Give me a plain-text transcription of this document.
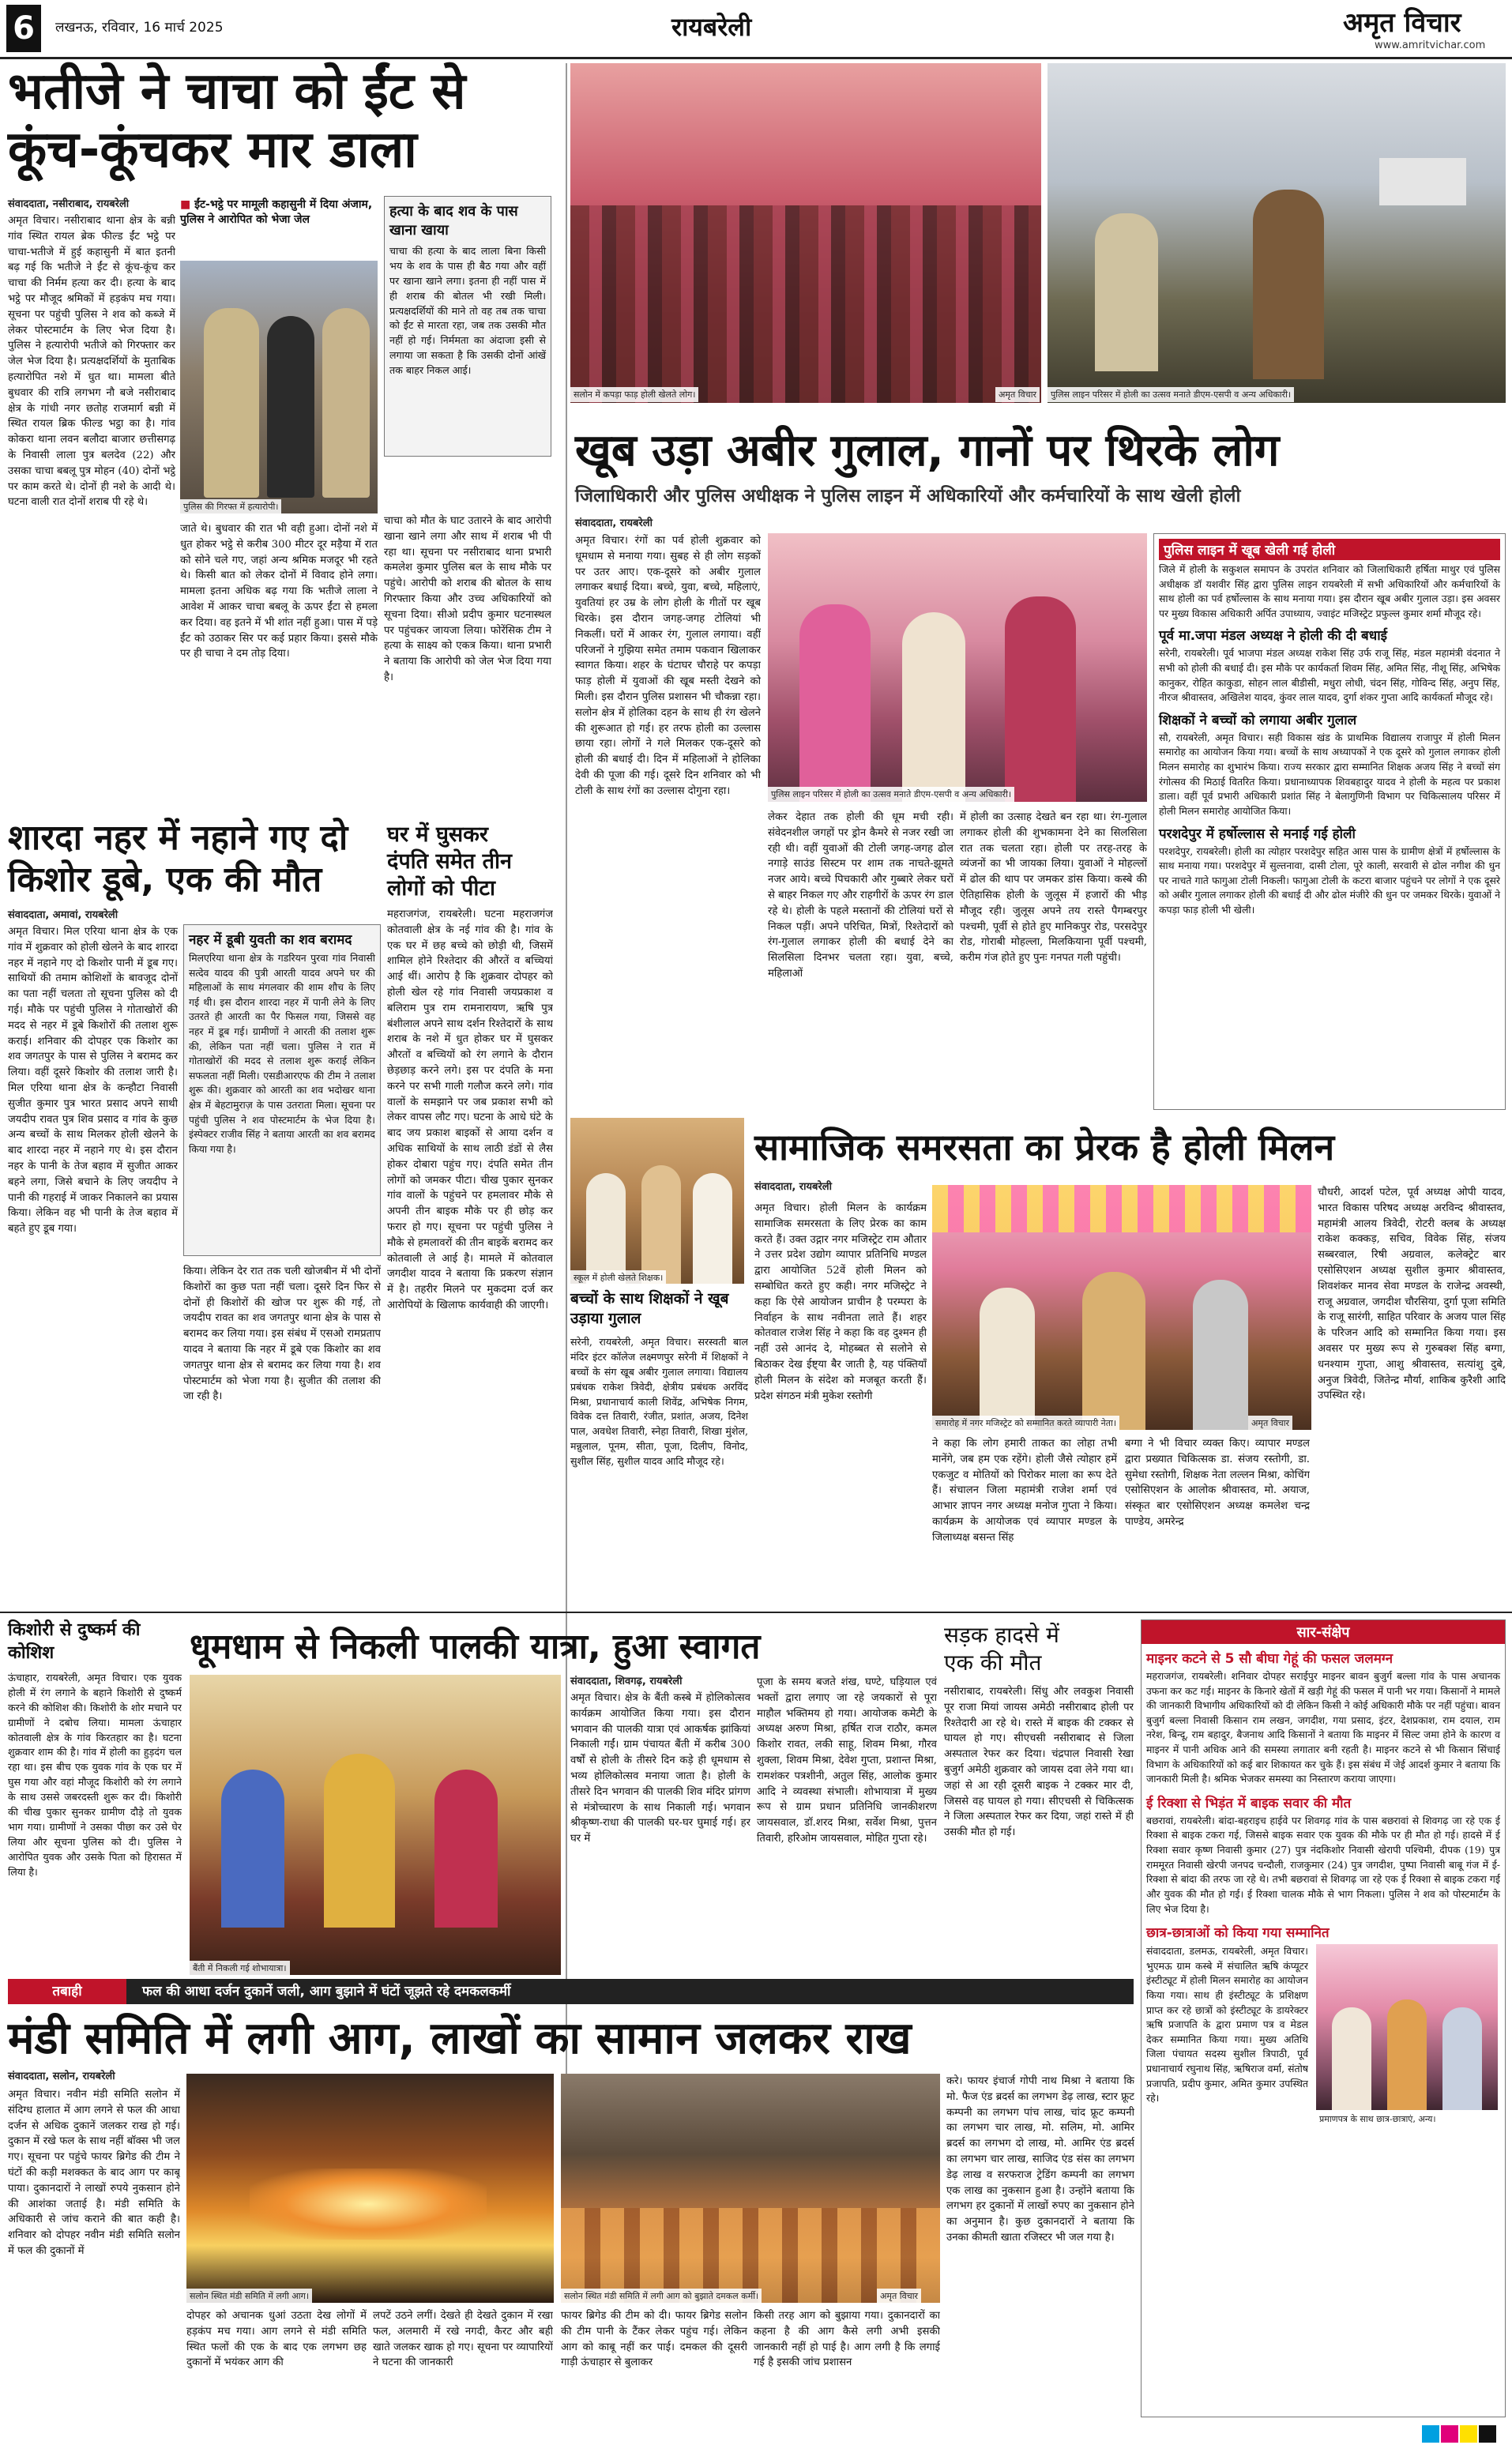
6	लखनऊ, रविवार, 16 मार्च 2025	रायबरेली	अमृत विचार
www.amritvichar.com
भतीजे ने चाचा को ईंट से
कूंच-कूंचकर मार डाला
संवाददाता, नसीराबाद, रायबरेली
अमृत विचार। नसीराबाद थाना क्षेत्र के बन्नी गांव स्थित रायल ब्रेक फील्ड ईंट भट्ठे पर चाचा-भतीजे में हुई कहासुनी में बात इतनी बढ़ गई कि भतीजे ने ईंट से कूंच-कूंच कर चाचा की निर्मम हत्या कर दी। हत्या के बाद भट्ठे पर मौजूद श्रमिकों में हड़कंप मच गया। सूचना पर पहुंची पुलिस ने शव को कब्जे में लेकर पोस्टमार्टम के लिए भेज दिया है। पुलिस ने हत्यारोपी भतीजे को गिरफ्तार कर जेल भेज दिया है। प्रत्यक्षदर्शियों के मुताबिक हत्यारोपित नशे में धुत था। मामला बीते बुधवार की रात्रि लगभग नौ बजे नसीराबाद क्षेत्र के गांधी नगर छतोह राजमार्ग बन्नी में स्थित रायल ब्रिक फील्ड भट्ठा का है। गांव कोकरा थाना लवन बलौदा बाजार छत्तीसगढ़ के निवासी लाला पुत्र बलदेव (22) और उसका चाचा बबलू पुत्र मोहन (40) दोनों भट्ठे पर काम करते थे। दोनों ही नशे के आदी थे। घटना वाली रात दोनों शराब पी रहे थे।	पुलिस की गिरफ्त में हत्यारोपी।
■ ईंट-भट्ठे पर मामूली कहासुनी में दिया अंजाम, पुलिस ने आरोपित को भेजा जेल	हत्या के बाद शव के पास खाना खाया
चाचा की हत्या के बाद लाला बिना किसी भय के शव के पास ही बैठ गया और वहीं पर खाना खाने लगा। इतना ही नहीं पास में ही शराब की बोतल भी रखी मिली। प्रत्यक्षदर्शियों की माने तो वह तब तक चाचा को ईंट से मारता रहा, जब तक उसकी मौत नहीं हो गई। निर्ममता का अंदाजा इसी से लगाया जा सकता है कि उसकी दोनों आंखें तक बाहर निकल आई।
जाते थे। बुधवार की रात भी वही हुआ। दोनों नशे में धुत होकर भट्ठे से करीब 300 मीटर दूर मड़ैया में रात को सोने चले गए, जहां अन्य श्रमिक मजदूर भी रहते थे। किसी बात को लेकर दोनों में विवाद होने लगा। मामला इतना अधिक बढ़ गया कि भतीजे लाला ने आवेश में आकर चाचा बबलू के ऊपर ईंटा से हमला कर दिया। वह इतने में भी शांत नहीं हुआ। पास में पड़े ईंट को उठाकर सिर पर कई प्रहार किया। इससे मौके पर ही चाचा ने दम तोड़ दिया।
चाचा को मौत के घाट उतारने के बाद आरोपी खाना खाने लगा और साथ में शराब भी पी रहा था। सूचना पर नसीराबाद थाना प्रभारी कमलेश कुमार पुलिस बल के साथ मौके पर पहुंचे। आरोपी को शराब की बोतल के साथ गिरफ्तार किया और उच्च अधिकारियों को सूचना दिया। सीओ प्रदीप कुमार घटनास्थल पर पहुंचकर जायजा लिया। फोरेंसिक टीम ने हत्या के साक्ष्य को एकत्र किया। थाना प्रभारी ने बताया कि आरोपी को जेल भेज दिया गया है।
शारदा नहर में नहाने गए दो
किशोर डूबे, एक की मौत
संवाददाता, अमावां, रायबरेली
अमृत विचार। मिल एरिया थाना क्षेत्र के एक गांव में शुक्रवार को होली खेलने के बाद शारदा नहर में नहाने गए दो किशोर पानी में डूब गए। साथियों की तमाम कोशिशों के बावजूद दोनों का पता नहीं चलता तो सूचना पुलिस को दी गई। मौके पर पहुंची पुलिस ने गोताखोरों की मदद से नहर में डूबे किशोरों की तलाश शुरू कराई। शनिवार की दोपहर एक किशोर का शव जगतपुर के पास से पुलिस ने बरामद कर लिया। वहीं दूसरे किशोर की तलाश जारी है। मिल एरिया थाना क्षेत्र के कन्हौटा निवासी सुजीत कुमार पुत्र भारत प्रसाद अपने साथी जयदीप रावत पुत्र शिव प्रसाद व गांव के कुछ अन्य बच्चों के साथ मिलकर होली खेलने के बाद शारदा नहर में नहाने गए थे। इस दौरान नहर के पानी के तेज बहाव में सुजीत आकर बहने लगा, जिसे बचाने के लिए जयदीप ने पानी की गहराई में जाकर निकालने का प्रयास किया। लेकिन वह भी पानी के तेज बहाव में बहते हुए डूब गया।
नहर में डूबी युवती का शव बरामद
मिलएरिया थाना क्षेत्र के गडरियन पुरवा गांव निवासी सत्देव यादव की पुत्री आरती यादव अपने घर की महिलाओं के साथ मंगलवार की शाम शौच के लिए गई थी। इस दौरान शारदा नहर में पानी लेने के लिए उतरते ही आरती का पैर फिसल गया, जिससे वह नहर में डूब गई। ग्रामीणों ने आरती की तलाश शुरू की, लेकिन पता नहीं चला। पुलिस ने रात में गोताखोरों की मदद से तलाश शुरू कराई लेकिन सफलता नहीं मिली। एसडीआरएफ की टीम ने तलाश शुरू की। शुक्रवार को आरती का शव भदोखर थाना क्षेत्र में बेहटामुराज़ के पास उतराता मिला। सूचना पर पहुंची पुलिस ने शव पोस्टमार्टम के भेज दिया है। इंस्पेक्टर राजीव सिंह ने बताया आरती का शव बरामद किया गया है।
किया। लेकिन देर रात तक चली खोजबीन में भी दोनों किशोरों का कुछ पता नहीं चला। दूसरे दिन फिर से दोनों ही किशोरों की खोज पर शुरू की गई, तो जयदीप रावत का शव जगतपुर थाना क्षेत्र के पास से बरामद कर लिया गया। इस संबंध में एसओ रामप्रताप यादव ने बताया कि नहर में डूबे एक किशोर का शव जगतपुर थाना क्षेत्र से बरामद कर लिया गया है। शव पोस्टमार्टम को भेजा गया है। सुजीत की तलाश की जा रही है।
घर में घुसकर
दंपति समेत तीन
लोगों को पीटा
महराजगंज, रायबरेली। घटना महराजगंज कोतवाली क्षेत्र के नई गांव की है। गांव के एक घर में छह बच्चे को छोड़ी थी, जिसमें शामिल होने रिश्तेदार की औरतें व बच्चियां आई थीं। आरोप है कि शुक्रवार दोपहर को होली खेल रहे गांव निवासी जयप्रकाश व बलिराम पुत्र राम रामनारायण, ऋषि पुत्र बंशीलाल अपने साथ दर्शन रिश्तेदारों के साथ शराब के नशे में धुत होकर घर में घुसकर औरतों व बच्चियों को रंग लगाने के दौरान छेड़छाड़ करने लगे। इस पर दंपति के मना करने पर सभी गाली गलौज करने लगे। गांव वालों के समझाने पर जब प्रकाश सभी को लेकर वापस लौट गए। घटना के आधे घंटे के बाद जय प्रकाश बाइकों से आया दर्शन व अधिक साथियों के साथ लाठी डंडों से लैस होकर दोबारा पहुंच गए। दंपति समेत तीन लोगों को जमकर पीटा। चीख पुकार सुनकर गांव वालों के पहुंचने पर हमलावर मौके से अपनी तीन बाइक मौके पर ही छोड़ कर फरार हो गए। सूचना पर पहुंची पुलिस ने मौके से हमलावरों की तीन बाइकें बरामद कर कोतवाली ले आई है। मामले में कोतवाल जगदीश यादव ने बताया कि प्रकरण संज्ञान में है। तहरीर मिलने पर मुकदमा दर्ज कर आरोपियों के खिलाफ कार्यवाही की जाएगी।
सलोन में कपड़ा फाड़ होली खेलते लोग।	अमृत विचार	पुलिस लाइन परिसर में होली का उत्सव मनाते डीएम-एसपी व अन्य अधिकारी।
खूब उड़ा अबीर गुलाल, गानों पर थिरके लोग
जिलाधिकारी और पुलिस अधीक्षक ने पुलिस लाइन में अधिकारियों और कर्मचारियों के साथ खेली होली
संवाददाता, रायबरेली
अमृत विचार। रंगों का पर्व होली शुक्रवार को धूमधाम से मनाया गया। सुबह से ही लोग सड़कों पर उतर आए। एक-दूसरे को अबीर गुलाल लगाकर बधाई दिया। बच्चे, युवा, बच्चे, महिलाएं, युवतियां हर उम्र के लोग होली के गीतों पर खूब थिरके। इस दौरान जगह-जगह टोलियां भी निकलीं। घरों में आकर रंग, गुलाल लगाया। वहीं परिजनों ने गुझिया समेत तमाम पकवान खिलाकर स्वागत किया। शहर के घंटाघर चौराहे पर कपड़ा फाड़ होली में युवाओं की खूब मस्ती देखने को मिली। इस दौरान पुलिस प्रशासन भी चौकन्ना रहा। सलोन क्षेत्र में होलिका दहन के साथ ही रंग खेलने की शुरूआत हो गई। हर तरफ होली का उल्लास छाया रहा। लोगों ने गले मिलकर एक-दूसरे को होली की बधाई दी। दिन में महिलाओं ने होलिका देवी की पूजा की गई। दूसरे दिन शनिवार को भी टोली के साथ रंगों का उल्लास दोगुना रहा।	पुलिस लाइन परिसर में होली का उत्सव मनाते डीएम-एसपी व अन्य अधिकारी।
लेकर देहात तक होली की धूम मची रही। संवेदनशील जगहों पर ड्रोन कैमरे से नजर रखी जा रही थी। वहीं युवाओं की टोली जगह-जगह ढोल नगाड़े साउंड सिस्टम पर शाम तक नाचते-झूमते नजर आये। बच्चे पिचकारी और गुब्बारे लेकर घरों से बाहर निकल गए और राहगीरों के ऊपर रंग डाल रहे थे। होली के पहले मस्तानों की टोलियां घरों से निकल पड़ीं। अपने परिचित, मित्रों, रिश्तेदारों को रंग-गुलाल लगाकर होली की बधाई देने का सिलसिला दिनभर चलता रहा। युवा, बच्चे, महिलाओं
में होली का उत्साह देखते बन रहा था। रंग-गुलाल लगाकर होली की शुभकामना देने का सिलसिला रात तक चलता रहा। होली पर तरह-तरह के व्यंजनों का भी जायका लिया। युवाओं ने मोहल्लों में ढोल की थाप पर जमकर डांस किया। कस्बे की ऐतिहासिक होली के जुलूस में हजारों की भीड़ मौजूद रही। जुलूस अपने तय रास्ते पैगम्बरपुर पश्चमी, पूर्वी से होते हुए मानिकपुर रोड, परसदेपुर रोड, गोराबी मोहल्ला, मिलकियाना पूर्वी पश्चमी, करीम गंज होते हुए पुनः गनपत गली पहुंची।
पुलिस लाइन में खूब खेली गई होली
जिले में होली के सकुशल समापन के उपरांत शनिवार को जिलाधिकारी हर्षिता माथुर एवं पुलिस अधीक्षक डॉ यशवीर सिंह द्वारा पुलिस लाइन रायबरेली में सभी अधिकारियों और कर्मचारियों के साथ होली का पर्व हर्षोल्लास के साथ मनाया गया। इस दौरान खूब अबीर गुलाल उड़ा। इस अवसर पर मुख्य विकास अधिकारी अर्पित उपाध्याय, ज्वाइंट मजिस्ट्रेट प्रफुल्ल कुमार शर्मा मौजूद रहे।
पूर्व मा.जपा मंडल अध्यक्ष ने होली की दी बधाई
सरेनी, रायबरेली। पूर्व भाजपा मंडल अध्यक्ष राकेश सिंह उर्फ राजू सिंह, मंडल महामंत्री वंदनात ने सभी को होली की बधाई दी। इस मौके पर कार्यकर्ता शिवम सिंह, अमित सिंह, नीशू सिंह, अभिषेक कानुकर, रोहित काकुडा, सोहन लाल बीडीसी, मधुरा लोधी, चंदन सिंह, गोविन्द सिंह, अनुप सिंह, नीरज श्रीवास्तव, अखिलेश यादव, कुंवर लाल यादव, दुर्गा शंकर गुप्ता आदि कार्यकर्ता मौजूद रहे।
शिक्षकों ने बच्चों को लगाया अबीर गुलाल
सौ, रायबरेली, अमृत विचार। सही विकास खंड के प्राथमिक विद्यालय राजापुर में होली मिलन समारोह का आयोजन किया गया। बच्चों के साथ अध्यापकों ने एक दूसरे को गुलाल लगाकर होली मिलन समारोह का शुभारंभ किया। राज्य सरकार द्वारा सम्मानित शिक्षक अजय सिंह ने बच्चों संग रंगोत्सव की मिठाई वितरित किया। प्रधानाध्यापक शिवबहादुर यादव ने होली के महत्व पर प्रकाश डाला। वहीं पूर्व प्रभारी अधिकारी प्रशांत सिंह ने बेलागुणिनी विभाग पर चिकित्सालय परिसर में होली मिलन समारोह आयोजित किया।
परशदेपुर में हर्षोल्लास से मनाई गई होली
परशदेपुर, रायबरेली। होली का त्योहार परशदेपुर सहित आस पास के ग्रामीण क्षेत्रों में हर्षोल्लास के साथ मनाया गया। परशदेपुर में सुल्तनावा, दासी टोला, पूरे काली, सरवारी से ढोल नगीश की धुन पर नाचते गाते फागुआ टोली निकली। फागुआ टोली के कटरा बाजार पहुंचने पर लोगों ने एक दूसरे को अबीर गुलाल लगाकर होली की बधाई दी और ढोल मंजीरे की धुन पर जमकर थिरके। युवाओं ने कपड़ा फाड़ होली भी खेली।
स्कूल में होली खेलते शिक्षक।
बच्चों के साथ शिक्षकों ने खूब उड़ाया गुलाल
सरेनी, रायबरेली, अमृत विचार। सरस्वती बाल मंदिर इंटर कॉलेज लक्ष्मणपुर सरेनी में शिक्षकों ने बच्चों के संग खूब अबीर गुलाल लगाया। विद्यालय प्रबंधक राकेश त्रिवेदी, क्षेत्रीय प्रबंधक अरविंद मिश्रा, प्रधानाचार्य काली शिवेंद्र, अभिषेक निगम, विवेक दत्त तिवारी, रंजीत, प्रशांत, अजय, दिनेश पाल, अवधेश तिवारी, स्नेहा तिवारी, शिखा मुंशेल, मन्नुलाल, पूनम, सीता, पूजा, दिलीप, विनोद, सुशील सिंह, सुशील यादव आदि मौजूद रहे।
सामाजिक समरसता का प्रेरक है होली मिलन
संवाददाता, रायबरेली
अमृत विचार। होली मिलन के कार्यक्रम सामाजिक समरसता के लिए प्रेरक का काम करते हैं। उक्त उद्गार नगर मजिस्ट्रेट राम औतार ने उत्तर प्रदेश उद्योग व्यापार प्रतिनिधि मण्डल द्वारा आयोजित 52वें होली मिलन को सम्बोधित करते हुए कही। नगर मजिस्ट्रेट ने कहा कि ऐसे आयोजन प्राचीन है परम्परा के निर्वाहन के साथ नवीनता लाते हैं। शहर कोतवाल राजेश सिंह ने कहा कि वह दुश्मन ही नहीं उसे आनंद दे, मोहब्बत से सलोने से बिठाकर देख ईष्ट्या बैर जाती है, यह पंक्तियाँ होली मिलन के संदेश को मजबूत करती हैं। प्रदेश संगठन मंत्री मुकेश रस्तोगी
समारोह में नगर मजिस्ट्रेट को सम्मानित करते व्यापारी नेता।	अमृत विचार
ने कहा कि लोग हमारी ताकत का लोहा तभी मानेंगे, जब हम एक रहेंगे। होली जैसे त्योहार हमें एकजुट व मोतियों को पिरोकर माला का रूप देते हैं। संचालन जिला महामंत्री राजेश शर्मा एवं आभार ज्ञापन नगर अध्यक्ष मनोज गुप्ता ने किया। कार्यक्रम के आयोजक एवं व्यापार मण्डल के जिलाध्यक्ष बसन्त सिंह
बग्गा ने भी विचार व्यक्त किए। व्यापार मण्डल द्वारा प्रख्यात चिकित्सक डा. संजय रस्तोगी, डा. सुमेधा रस्तोगी, शिक्षक नेता लल्लन मिश्रा, कोचिंग एसोसिएशन के आलोक श्रीवास्तव, मो. अयाज, संस्कृत बार एसोसिएशन अध्यक्ष कमलेश चन्द्र पाण्डेय, अमरेन्द्र
चौधरी, आदर्श पटेल, पूर्व अध्यक्ष ओपी यादव, भारत विकास परिषद अध्यक्ष अरविन्द श्रीवास्तव, महामंत्री आलय त्रिवेदी, रोटरी क्लब के अध्यक्ष राकेश कक्कड़, सचिव, विवेक सिंह, संजय सब्बरवाल, रिषी अग्रवाल, कलेक्ट्रेट बार एसोसिएशन अध्यक्ष सुशील कुमार श्रीवास्तव, शिवशंकर मानव सेवा मण्डल के राजेन्द्र अवस्थी, राजू अग्रवाल, जगदीश चौरसिया, दुर्गा पूजा समिति के राजू सारंगी, साहित परिवार के अजय पाल सिंह के परिजन आदि को सम्मानित किया गया। इस अवसर पर मुख्य रूप से गुरुबक्श सिंह बग्गा, धनश्याम गुप्ता, आशु श्रीवास्तव, सत्यांशु दुबे, अनुज त्रिवेदी, जितेन्द्र मौर्या, शाकिब कुरैशी आदि उपस्थित रहे।
किशोरी से दुष्कर्म की कोशिश
ऊंचाहार, रायबरेली, अमृत विचार। एक युवक होली में रंग लगाने के बहाने किशोरी से दुष्कर्म करने की कोशिश की। किशोरी के शोर मचाने पर ग्रामीणों ने दबोच लिया। मामला ऊंचाहार कोतवाली क्षेत्र के गांव किरतहार का है। घटना शुक्रवार शाम की है। गांव में होली का हुड़दंग चल रहा था। इस बीच एक युवक गांव के एक घर में घुस गया और वहां मौजूद किशोरी को रंग लगाने के साथ उससे जबरदस्ती शुरू कर दी। किशोरी की चीख पुकार सुनकर ग्रामीण दौड़े तो युवक भाग गया। ग्रामीणों ने उसका पीछा कर उसे घेर लिया और सूचना पुलिस को दी। पुलिस ने आरोपित युवक और उसके पिता को हिरासत में लिया है।
धूमधाम से निकली पालकी यात्रा, हुआ स्वागत
बैंती में निकली गई शोभायात्रा।
संवाददाता, शिवगढ़, रायबरेली
अमृत विचार। क्षेत्र के बैंती कस्बे में होलिकोत्सव कार्यक्रम आयोजित किया गया। इस दौरान भगवान की पालकी यात्रा एवं आकर्षक झांकियां निकाली गईं। ग्राम पंचायत बैंती में करीब 300 वर्षों से होली के तीसरे दिन कड़े ही धूमधाम से भव्य होलिकोत्सव मनाया जाता है। होली के तीसरे दिन भगवान की पालकी शिव मंदिर प्रांगण से मंत्रोच्चारण के साथ निकाली गई। भगवान श्रीकृष्ण-राधा की पालकी घर-घर घुमाई गई। हर घर में
पूजा के समय बजते शंख, घण्टे, घड़ियाल एवं भक्तों द्वारा लगाए जा रहे जयकारों से पूरा माहौल भक्तिमय हो गया। आयोजक कमेटी के अध्यक्ष अरुण मिश्रा, हर्षित राज राठौर, कमल किशोर रावत, लकी साहू, शिवम मिश्रा, गौरव शुक्ला, शिवम मिश्रा, देवेश गुप्ता, प्रशान्त मिश्रा, रामशंकर पत्रशीनी, अतुल सिंह, आलोक कुमार आदि ने व्यवस्था संभाली। शोभायात्रा में मुख्य रूप से ग्राम प्रधान प्रतिनिधि जानकीशरण जायसवाल, डॉ.शरद मिश्रा, सर्वेश मिश्रा, पुत्तन तिवारी, हरिओम जायसवाल, मोहित गुप्ता रहे।
सड़क हादसे में
एक की मौत
नसीराबाद, रायबरेली। सिंधु और लवकुश निवासी पूर राजा मियां जायस अमेठी नसीराबाद होली पर रिश्तेदारी आ रहे थे। रास्ते में बाइक की टक्कर से घायल हो गए। सीएचसी नसीराबाद से जिला अस्पताल रेफर कर दिया। चंद्रपाल निवासी रेखा बुजुर्ग अमेठी शुक्रवार को जायस दवा लेने गया था। जहां से आ रही दूसरी बाइक ने टक्कर मार दी, जिससे वह घायल हो गया। सीएचसी से चिकित्सक ने जिला अस्पताल रेफर कर दिया, जहां रास्ते में ही उसकी मौत हो गई।
सार-संक्षेप
माइनर कटने से 5 सौ बीघा गेहूं की फसल जलमग्न
महराजगंज, रायबरेली। शनिवार दोपहर सराईपुर माइनर बावन बुजुर्ग बल्ला गांव के पास अचानक उफना कर कट गई। माइनर के किनारे खेतों में खड़ी गेहूं की फसल में पानी भर गया। किसानों ने मामले की जानकारी विभागीय अधिकारियों को दी लेकिन किसी ने कोई अधिकारी मौके पर नहीं पहुंचा। बावन बुजुर्ग बल्ला निवासी किसान राम लखन, जगदीश, गया प्रसाद, इंटर, देशप्रकाश, राम दयाल, राम नरेश, बिन्दू, राम बहादुर, बैजनाथ आदि किसानों ने बताया कि माइनर में सिल्ट जमा होने के कारण व माइनर में पानी अधिक आने की समस्या लगातार बनी रहती है। माइनर कटने से भी किसान सिंचाई विभाग के अधिकारियों को कई बार शिकायत कर चुके हैं। इस संबंध में जेई आदर्श कुमार ने बताया कि जानकारी मिली है। श्रमिक भेजकर समस्या का निस्तारण कराया जाएगा।
ई रिक्शा से भिड़ंत में बाइक सवार की मौत
बछरावां, रायबरेली। बांदा-बहराइच हाईवे पर शिवगढ़ गांव के पास बछरावां से शिवगढ़ जा रहे एक ई रिक्शा से बाइक टकरा गई, जिससे बाइक सवार एक युवक की मौके पर ही मौत हो गई। हादसे में ई रिक्शा सवार कृष्ण निवासी कुमार (27) पुत्र नंदकिशोर निवासी खेरापी पश्चिमी, दीपक (19) पुत्र राममूरत निवासी खेरपी जनपद चन्दौली, राजकुमार (24) पुत्र जगदीश, पुष्पा निवासी बाबू गंज में ई-रिक्शा से बांदा की तरफ जा रहे थे। तभी बछरावां से शिवगढ़ जा रहे एक ई रिक्शा से बाइक टकरा गई और युवक की मौत हो गई। ई रिक्शा चालक मौके से भाग निकला। पुलिस ने शव को पोस्टमार्टम के लिए भेज दिया है।
छात्र-छात्राओं को किया गया सम्मानित
संवाददाता, डलमऊ, रायबरेली, अमृत विचार। भुएमऊ ग्राम कस्बे में संचालित ऋषि कंप्यूटर इंस्टीट्यूट में होली मिलन समारोह का आयोजन किया गया। साथ ही इंस्टीट्यूट के प्रशिक्षण प्राप्त कर रहे छात्रों को इंस्टीट्यूट के डायरेक्टर ऋषि प्रजापति के द्वारा प्रमाण पत्र व मेडल देकर सम्मानित किया गया। मुख्य अतिथि जिला पंचायत सदस्य सुशील त्रिपाठी, पूर्व प्रधानाचार्य रघुनाथ सिंह, ऋषिराज वर्मा, संतोष प्रजापति, प्रदीप कुमार, अमित कुमार उपस्थित रहे।
प्रमाणपत्र के साथ छात्र-छात्राएं, अन्य।
तबाही	फल की आधा दर्जन दुकानें जली, आग बुझाने में घंटों जूझते रहे दमकलकर्मी
मंडी समिति में लगी आग, लाखों का सामान जलकर राख
संवाददाता, सलोन, रायबरेली
अमृत विचार। नवीन मंडी समिति सलोन में संदिग्ध हालात में आग लगने से फल की आधा दर्जन से अधिक दुकानें जलकर राख हो गई। दुकान में रखे फल के साथ नहीं बॉक्स भी जल गए। सूचना पर पहुंचे फायर ब्रिगेड की टीम ने घंटों की कड़ी मशक्कत के बाद आग पर काबू पाया। दुकानदारों ने लाखों रुपये नुकसान होने की आशंका जताई है। मंडी समिति के अधिकारी से जांच कराने की बात कही है। शनिवार को दोपहर नवीन मंडी समिति सलोन में फल की दुकानों में
सलोन स्थित मंडी समिति में लगी आग।	सलोन स्थित मंडी समिति में लगी आग को बुझाते दमकल कर्मी।	अमृत विचार
दोपहर को अचानक धुआं उठता देख लोगों में हड़कंप मच गया। आग लगने से मंडी समिति स्थित फलों की एक के बाद एक लगभग छह दुकानों में भयंकर आग की
लपटें उठने लगीं। देखते ही देखते दुकान में रखा फल, अलमारी में रखे नगदी, कैरट और बही खाते जलकर खाक हो गए। सूचना पर व्यापारियों ने घटना की जानकारी
फायर ब्रिगेड की टीम को दी। फायर ब्रिगेड सलोन की टीम पानी के टैंकर लेकर पहुंच गई। लेकिन आग को काबू नहीं कर पाई। दमकल की दूसरी गाड़ी ऊंचाहार से बुलाकर
किसी तरह आग को बुझाया गया। दुकानदारों का कहना है की आग कैसे लगी अभी इसकी जानकारी नहीं हो पाई है। आग लगी है कि लगाई गई है इसकी जांच प्रशासन
करे। फायर इंचार्ज गोपी नाथ मिश्रा ने बताया कि मो. फैज एंड ब्रदर्स का लगभग डेढ़ लाख, स्टार फ्रूट कम्पनी का लगभग पांच लाख, चांद फ्रूट कम्पनी का लगभग चार लाख, मो. सलिम, मो. आमिर ब्रदर्स का लगभग दो लाख, मो. आमिर एंड ब्रदर्स का लगभग चार लाख, साजिद एंड संस का लगभग डेढ़ लाख व सरफराज ट्रेडिंग कम्पनी का लगभग एक लाख का नुकसान हुआ है। उन्होंने बताया कि लगभग हर दुकानों में लाखों रुपए का नुकसान होने का अनुमान है। कुछ दुकानदारों ने बताया कि उनका कीमती खाता रजिस्टर भी जल गया है।
